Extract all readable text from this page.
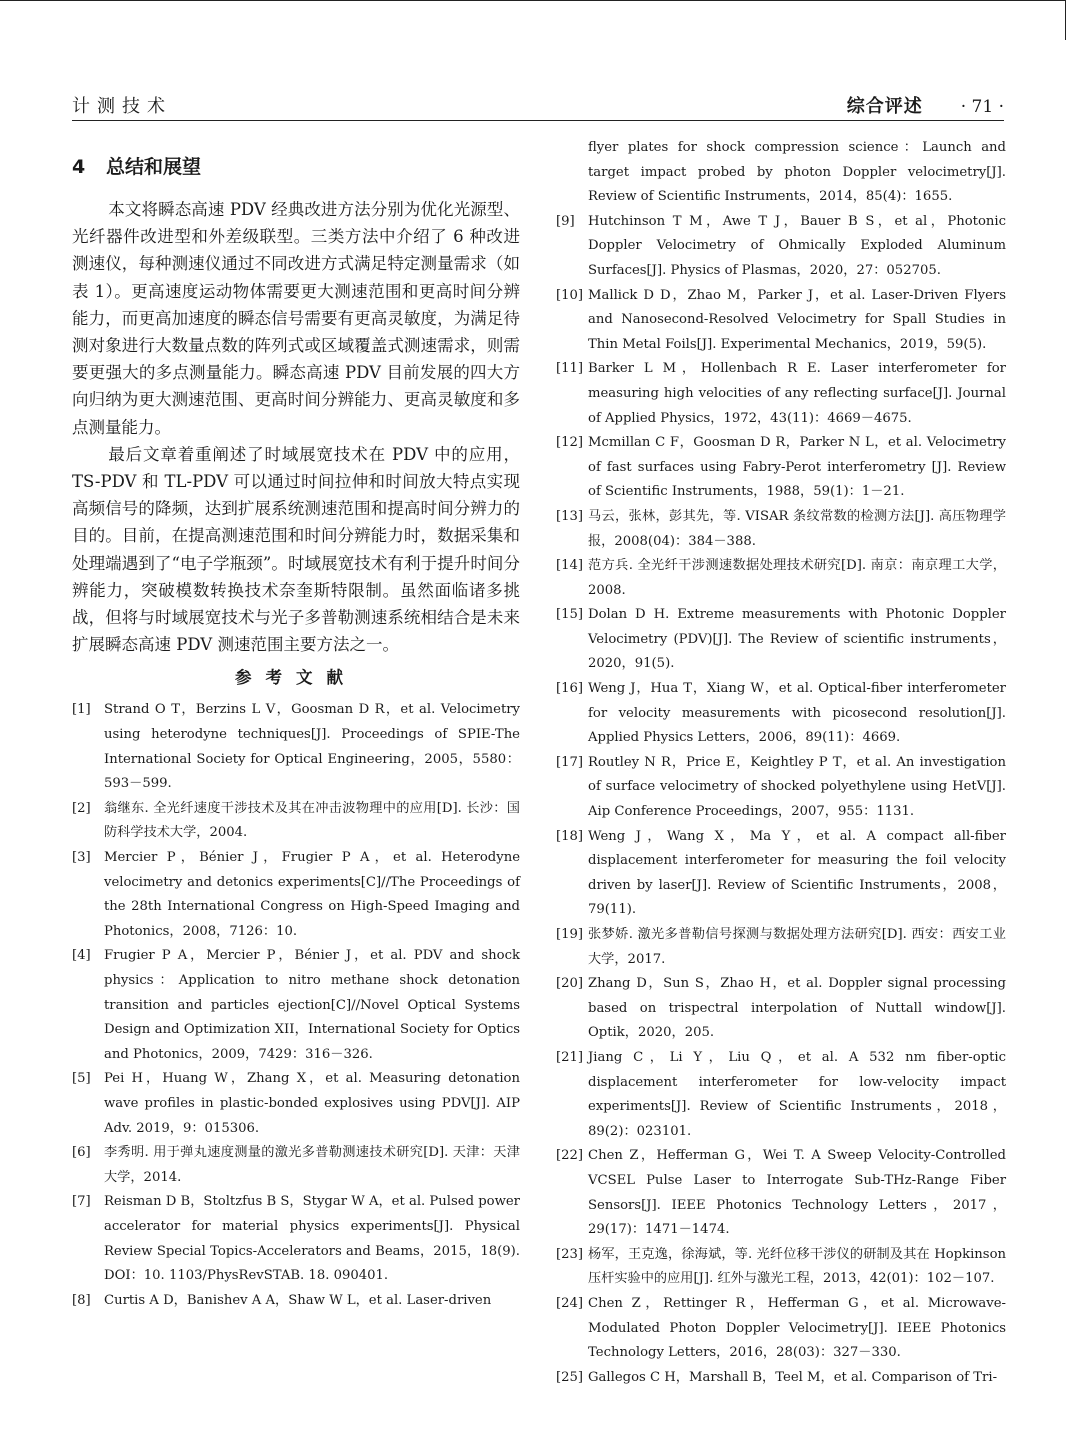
计测技术	综合评述 · 71 ·
4 总结和展望

本文将瞬态高速 PDV 经典改进方法分别为优化光源型、光纤器件改进型和外差级联型。三类方法中介绍了 6 种改进测速仪，每种测速仪通过不同改进方式满足特定测量需求（如表 1）。更高速度运动物体需要更大测速范围和更高时间分辨能力，而更高加速度的瞬态信号需要有更高灵敏度，为满足待测对象进行大数量点数的阵列式或区域覆盖式测速需求，则需要更强大的多点测量能力。瞬态高速 PDV 目前发展的四大方向归纳为更大测速范围、更高时间分辨能力、更高灵敏度和多点测量能力。

最后文章着重阐述了时域展宽技术在 PDV 中的应用，TS-PDV 和 TL-PDV 可以通过时间拉伸和时间放大特点实现高频信号的降频，达到扩展系统测速范围和提高时间分辨力的目的。目前，在提高测速范围和时间分辨能力时，数据采集和处理端遇到了“电子学瓶颈”。时域展宽技术有利于提升时间分辨能力，突破模数转换技术奈奎斯特限制。虽然面临诸多挑战，但将与时域展宽技术与光子多普勒测速系统相结合是未来扩展瞬态高速 PDV 测速范围主要方法之一。

参考文献
[1]	Strand O T，Berzins L V，Goosman D R，et al. Velocimetry using heterodyne techniques[J]. Proceedings of SPIE-The International Society for Optical Engineering，2005，5580：593－599.
[2]	翁继东. 全光纤速度干涉技术及其在冲击波物理中的应用[D]. 长沙：国防科学技术大学，2004.
[3]	Mercier P，Bénier J，Frugier P A，et al. Heterodyne velocimetry and detonics experiments[C]//The Proceedings of the 28th International Congress on High-Speed Imaging and Photonics，2008，7126：10.
[4]	Frugier P A，Mercier P，Bénier J，et al. PDV and shock physics：Application to nitro methane shock detonation transition and particles ejection[C]//Novel Optical Systems Design and Optimization XII，International Society for Optics and Photonics，2009，7429：316－326.
[5]	Pei H，Huang W，Zhang X，et al. Measuring detonation wave profiles in plastic-bonded explosives using PDV[J]. AIP Adv. 2019，9：015306.
[6]	李秀明. 用于弹丸速度测量的激光多普勒测速技术研究[D]. 天津：天津大学，2014.
[7]	Reisman D B，Stoltzfus B S，Stygar W A，et al. Pulsed power accelerator for material physics experiments[J]. Physical Review Special Topics-Accelerators and Beams，2015，18(9). DOI：10. 1103/PhysRevSTAB. 18. 090401.
[8]	Curtis A D，Banishev A A，Shaw W L，et al. Laser-driven
flyer plates for shock compression science：Launch and target impact probed by photon Doppler velocimetry[J]. Review of Scientific Instruments，2014，85(4)：1655.
[9]	Hutchinson T M，Awe T J，Bauer B S，et al，Photonic Doppler Velocimetry of Ohmically Exploded Aluminum Surfaces[J]. Physics of Plasmas，2020，27：052705.
[10] Mallick D D，Zhao M，Parker J，et al. Laser-Driven Flyers and Nanosecond-Resolved Velocimetry for Spall Studies in Thin Metal Foils[J]. Experimental Mechanics，2019，59(5).
[11] Barker L M，Hollenbach R E. Laser interferometer for measuring high velocities of any reflecting surface[J]. Journal of Applied Physics，1972，43(11)：4669－4675.
[12] Mcmillan C F，Goosman D R，Parker N L，et al. Velocimetry of fast surfaces using Fabry-Perot interferometry [J]. Review of Scientific Instruments，1988，59(1)：1－21.
[13] 马云，张林，彭其先，等. VISAR 条纹常数的检测方法[J]. 高压物理学报，2008(04)：384－388.
[14] 范方兵. 全光纤干涉测速数据处理技术研究[D]. 南京：南京理工大学，2008.
[15] Dolan D H. Extreme measurements with Photonic Doppler Velocimetry (PDV)[J]. The Review of scientific instruments，2020，91(5).
[16] Weng J，Hua T，Xiang W，et al. Optical-fiber interferometer for velocity measurements with picosecond resolution[J]. Applied Physics Letters，2006，89(11)：4669.
[17] Routley N R，Price E，Keightley P T，et al. An investigation of surface velocimetry of shocked polyethylene using HetV[J]. Aip Conference Proceedings，2007，955：1131.
[18] Weng J，Wang X，Ma Y，et al. A compact all-fiber displacement interferometer for measuring the foil velocity driven by laser[J]. Review of Scientific Instruments，2008，79(11).
[19] 张梦娇. 激光多普勒信号探测与数据处理方法研究[D]. 西安：西安工业大学，2017.
[20] Zhang D，Sun S，Zhao H，et al. Doppler signal processing based on trispectral interpolation of Nuttall window[J]. Optik，2020，205.
[21] Jiang C，Li Y，Liu Q，et al. A 532 nm fiber-optic displacement interferometer for low-velocity impact experiments[J]. Review of Scientific Instruments，2018，89(2)：023101.
[22] Chen Z，Hefferman G，Wei T. A Sweep Velocity-Controlled VCSEL Pulse Laser to Interrogate Sub-THz-Range Fiber Sensors[J]. IEEE Photonics Technology Letters，2017，29(17)：1471－1474.
[23] 杨军，王克逸，徐海斌，等. 光纤位移干涉仪的研制及其在 Hopkinson 压杆实验中的应用[J]. 红外与激光工程，2013，42(01)：102－107.
[24] Chen Z，Rettinger R，Hefferman G，et al. Microwave-Modulated Photon Doppler Velocimetry[J]. IEEE Photonics Technology Letters，2016，28(03)：327－330.
[25] Gallegos C H，Marshall B，Teel M，et al. Comparison of Tri-
